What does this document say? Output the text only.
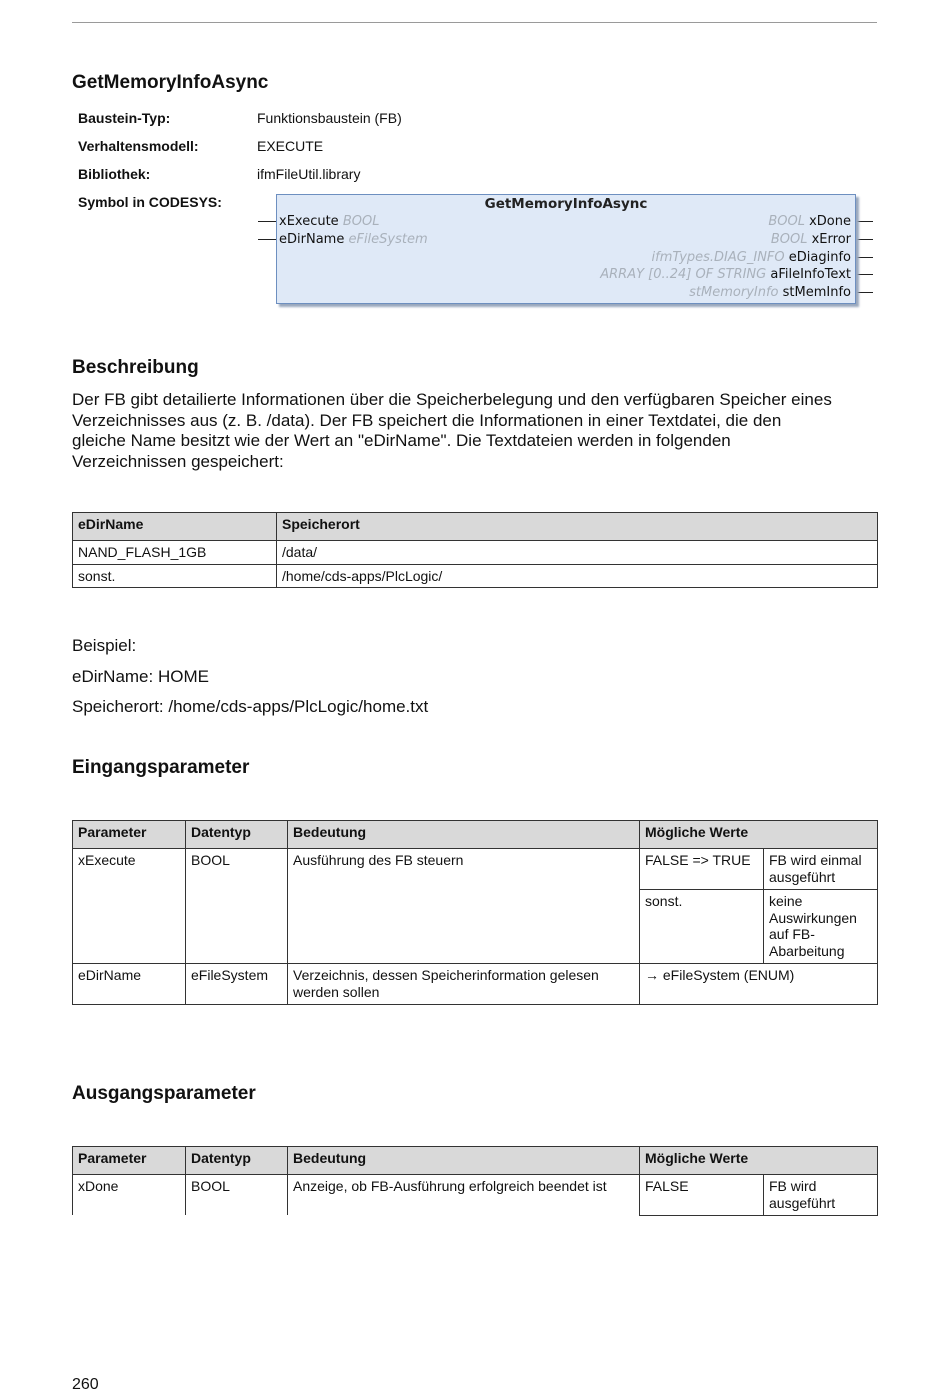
GetMemoryInfoAsync
Baustein-Typ:	Funktionsbaustein (FB)
Verhaltensmodell:	EXECUTE
Bibliothek:	ifmFileUtil.library
Symbol in CODESYS:	GetMemoryInfoAsync
xExecute BOOL
eDirName eFileSystem
BOOL xDone
BOOL xError
ifmTypes.DIAG_INFO eDiaginfo
ARRAY [0..24] OF STRING aFileInfoText
stMemoryInfo stMemInfo
Beschreibung
Der FB gibt detailierte Informationen über die Speicherbelegung und den verfügbaren Speicher eines
Verzeichnisses aus (z. B. /data). Der FB speichert die Informationen in einer Textdatei, die den
gleiche Name besitzt wie der Wert an "eDirName". Die Textdateien werden in folgenden
Verzeichnissen gespeichert:
eDirName	Speicherort
NAND_FLASH_1GB	/data/
sonst.	/home/cds-apps/PlcLogic/
Beispiel:
eDirName: HOME
Speicherort: /home/cds-apps/PlcLogic/home.txt
Eingangsparameter
Parameter	Datentyp	Bedeutung	Mögliche Werte	
xExecute	BOOL	Ausführung des FB steuern	FALSE => TRUE	FB wird einmal ausgeführt
			sonst.	keine Auswirkungen auf FB-Abarbeitung
eDirName	eFileSystem	Verzeichnis, dessen Speicherinformation gelesen werden sollen	→ eFileSystem (ENUM)	
Ausgangsparameter
Parameter	Datentyp	Bedeutung	Mögliche Werte	
xDone	BOOL	Anzeige, ob FB-Ausführung erfolgreich beendet ist	FALSE	FB wird ausgeführt
260
